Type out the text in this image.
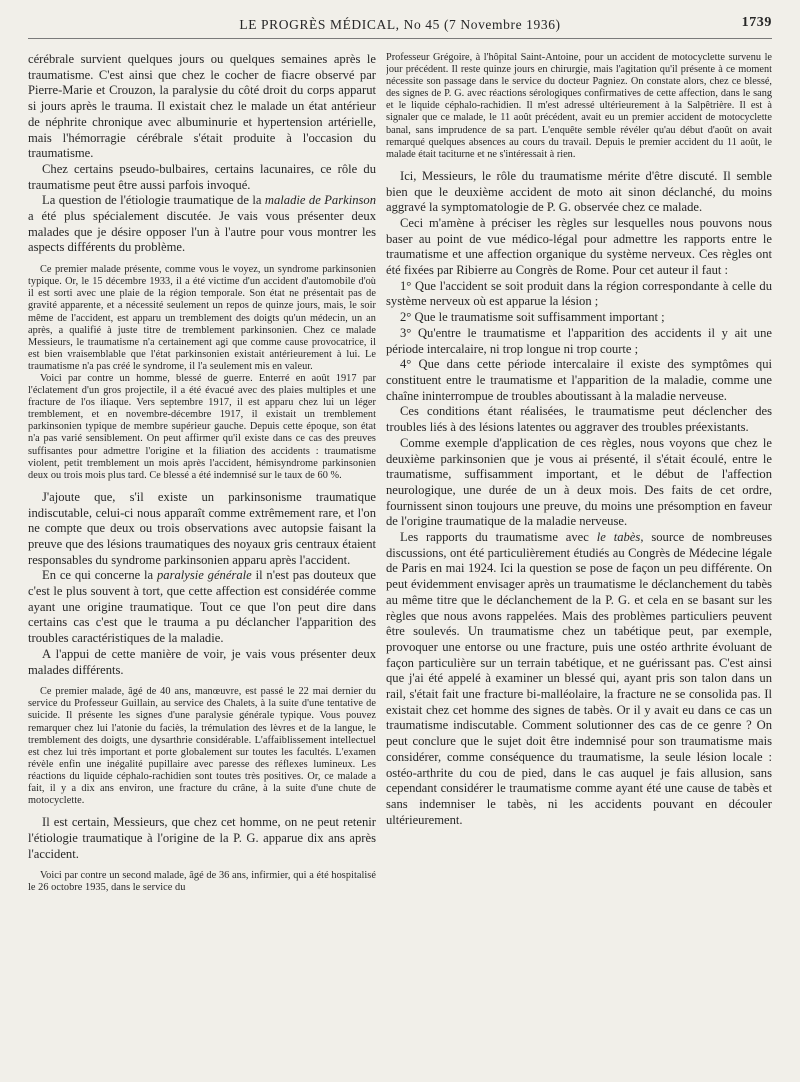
LE PROGRÈS MÉDICAL, No 45 (7 Novembre 1936)	1739

cérébrale survient quelques jours ou quelques semaines après le traumatisme. C'est ainsi que chez le cocher de fiacre observé par Pierre-Marie et Crouzon, la paralysie du côté droit du corps apparut si jours après le trauma. Il existait chez le malade un état antérieur de néphrite chronique avec albuminurie et hypertension artérielle, mais l'hémorragie cérébrale s'était produite à l'occasion du traumatisme.

Chez certains pseudo-bulbaires, certains lacunaires, ce rôle du traumatisme peut être aussi parfois invoqué.

La question de l'étiologie traumatique de la maladie de Parkinson a été plus spécialement discutée. Je vais vous présenter deux malades que je désire opposer l'un à l'autre pour vous montrer les aspects différents du problème.

Ce premier malade présente, comme vous le voyez, un syndrome parkinsonien typique. Or, le 15 décembre 1933, il a été victime d'un accident d'automobile d'où il est sorti avec une plaie de la région temporale. Son état ne présentait pas de gravité apparente, et a nécessité seulement un repos de quinze jours, mais, le soir même de l'accident, est apparu un tremblement des doigts qu'un médecin, un an après, a qualifié à juste titre de tremblement parkinsonien. Chez ce malade Messieurs, le traumatisme n'a certainement agi que comme cause provocatrice, il est bien vraisemblable que l'état parkinsonien existait antérieurement à lui. Le traumatisme n'a pas créé le syndrome, il l'a seulement mis en valeur.

Voici par contre un homme, blessé de guerre. Enterré en août 1917 par l'éclatement d'un gros projectile, il a été évacué avec des plaies multiples et une fracture de l'os iliaque. Vers septembre 1917, il est apparu chez lui un léger tremblement, et en novembre-décembre 1917, il existait un tremblement parkinsonien typique de membre supérieur gauche. Depuis cette époque, son état n'a pas varié sensiblement. On peut affirmer qu'il existe dans ce cas des preuves suffisantes pour admettre l'origine et la filiation des accidents : traumatisme violent, petit tremblement un mois après l'accident, hémisyndrome parkinsonien deux ou trois mois plus tard. Ce blessé a été indemnisé sur le taux de 60 %.

J'ajoute que, s'il existe un parkinsonisme traumatique indiscutable, celui-ci nous apparaît comme extrêmement rare, et l'on ne compte que deux ou trois observations avec autopsie faisant la preuve que des lésions traumatiques des noyaux gris centraux étaient responsables du syndrome parkinsonien apparu après l'accident.

En ce qui concerne la paralysie générale il n'est pas douteux que c'est le plus souvent à tort, que cette affection est considérée comme ayant une origine traumatique. Tout ce que l'on peut dire dans certains cas c'est que le trauma a pu déclancher l'apparition des troubles caractéristiques de la maladie.

A l'appui de cette manière de voir, je vais vous présenter deux malades différents.

Ce premier malade, âgé de 40 ans, manœuvre, est passé le 22 mai dernier du service du Professeur Guillain, au service des Chalets, à la suite d'une tentative de suicide. Il présente les signes d'une paralysie générale typique. Vous pouvez remarquer chez lui l'atonie du faciès, la trémulation des lèvres et de la langue, le tremblement des doigts, une dysarthrie considérable. L'affaiblissement intellectuel est chez lui très important et porte globalement sur toutes les facultés. L'examen révèle enfin une inégalité pupillaire avec paresse des réflexes lumineux. Les réactions du liquide céphalo-rachidien sont toutes très positives. Or, ce malade a fait, il y a dix ans environ, une fracture du crâne, à la suite d'une chute de motocyclette.

Il est certain, Messieurs, que chez cet homme, on ne peut retenir l'étiologie traumatique à l'origine de la P. G. apparue dix ans après l'accident.

Voici par contre un second malade, âgé de 36 ans, infirmier, qui a été hospitalisé le 26 octobre 1935, dans le service du

Professeur Grégoire, à l'hôpital Saint-Antoine, pour un accident de motocyclette survenu le jour précédent. Il reste quinze jours en chirurgie, mais l'agitation qu'il présente à ce moment nécessite son passage dans le service du docteur Pagniez. On constate alors, chez ce blessé, des signes de P. G. avec réactions sérologiques confirmatives de cette affection, dans le sang et le liquide céphalo-rachidien. Il m'est adressé ultérieurement à la Salpêtrière. Il est à signaler que ce malade, le 11 août précédent, avait eu un premier accident de motocyclette banal, sans imprudence de sa part. L'enquête semble révéler qu'au début d'août on avait remarqué quelques absences au cours du travail. Depuis le premier accident du 11 août, le malade était taciturne et ne s'intéressait à rien.

Ici, Messieurs, le rôle du traumatisme mérite d'être discuté. Il semble bien que le deuxième accident de moto ait sinon déclanché, du moins aggravé la symptomatologie de P. G. observée chez ce malade.

Ceci m'amène à préciser les règles sur lesquelles nous pouvons nous baser au point de vue médico-légal pour admettre les rapports entre le traumatisme et une affection organique du système nerveux. Ces règles ont été fixées par Ribierre au Congrès de Rome. Pour cet auteur il faut :

1° Que l'accident se soit produit dans la région correspondante à celle du système nerveux où est apparue la lésion ;

2° Que le traumatisme soit suffisamment important ;

3° Qu'entre le traumatisme et l'apparition des accidents il y ait une période intercalaire, ni trop longue ni trop courte ;

4° Que dans cette période intercalaire il existe des symptômes qui constituent entre le traumatisme et l'apparition de la maladie, comme une chaîne ininterrompue de troubles aboutissant à la maladie nerveuse.

Ces conditions étant réalisées, le traumatisme peut déclencher des troubles liés à des lésions latentes ou aggraver des troubles préexistants.

Comme exemple d'application de ces règles, nous voyons que chez le deuxième parkinsonien que je vous ai présenté, il s'était écoulé, entre le traumatisme, suffisamment important, et le début de l'affection neurologique, une durée de un à deux mois. Des faits de cet ordre, fournissent sinon toujours une preuve, du moins une présomption en faveur de l'origine traumatique de la maladie nerveuse.

Les rapports du traumatisme avec le tabès, source de nombreuses discussions, ont été particulièrement étudiés au Congrès de Médecine légale de Paris en mai 1924. Ici la question se pose de façon un peu différente. On peut évidemment envisager après un traumatisme le déclanchement du tabès au même titre que le déclanchement de la P. G. et cela en se basant sur les règles que nous avons rappelées. Mais des problèmes particuliers peuvent être soulevés. Un traumatisme chez un tabétique peut, par exemple, provoquer une entorse ou une fracture, puis une ostéo arthrite évoluant de façon particulière sur un terrain tabétique, et ne guérissant pas. C'est ainsi que j'ai été appelé à examiner un blessé qui, ayant pris son talon dans un rail, s'était fait une fracture bi-malléolaire, la fracture ne se consolida pas. Il existait chez cet homme des signes de tabès. Or il y avait eu dans ce cas un traumatisme indiscutable. Comment solutionner des cas de ce genre ? On peut conclure que le sujet doit être indemnisé pour son traumatisme mais considérer, comme conséquence du traumatisme, la seule lésion locale : ostéo-arthrite du cou de pied, dans le cas auquel je fais allusion, sans cependant considérer le traumatisme comme ayant été une cause de tabès et sans indemniser le tabès, ni les accidents pouvant en découler ultérieurement.
